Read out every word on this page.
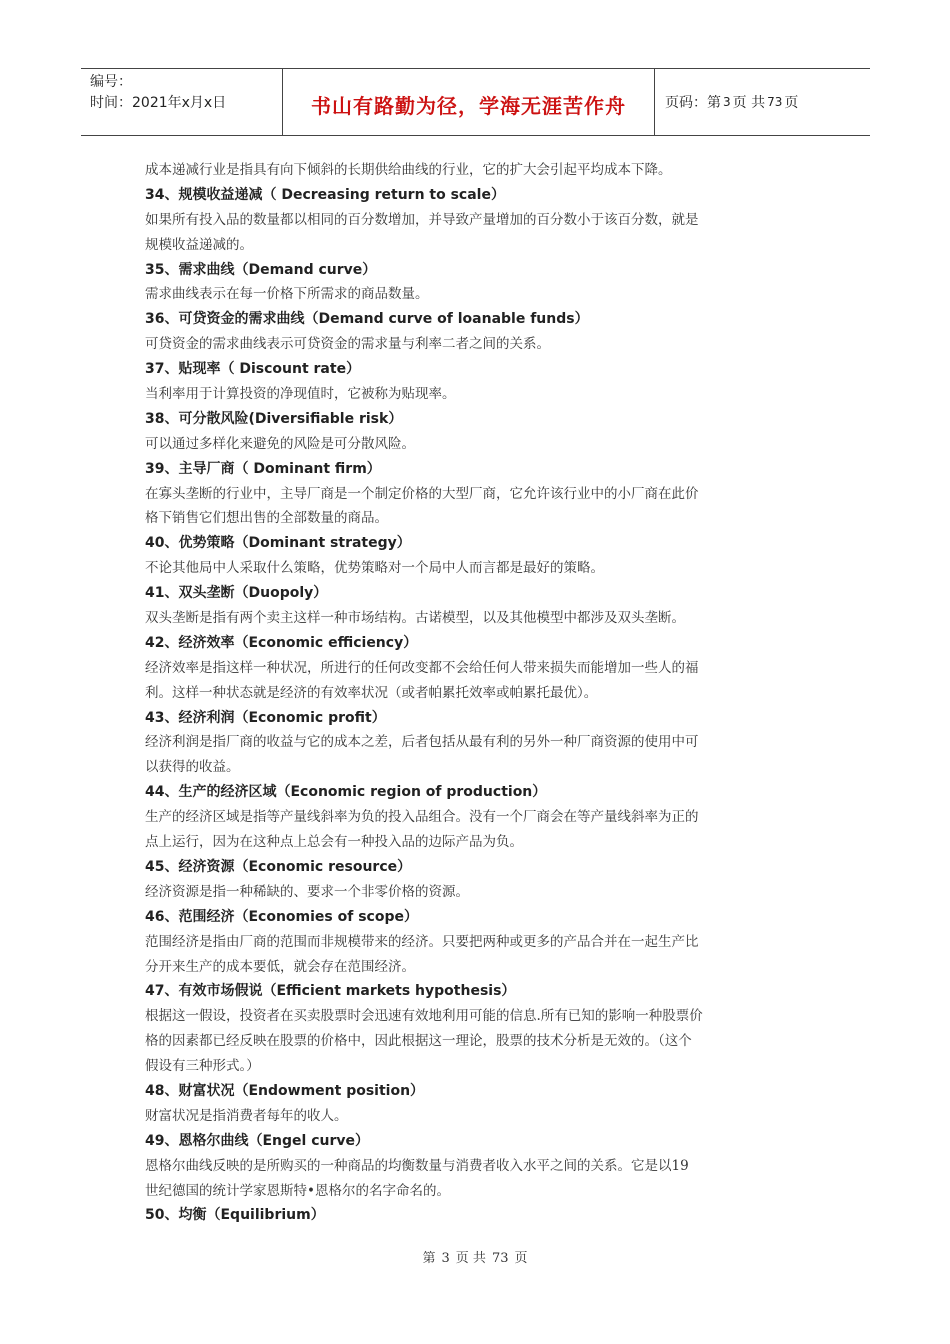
编号：
时间：2021年x月x日	书山有路勤为径，学海无涯苦作舟	页码：第 3 页 共 73 页
成本递减行业是指具有向下倾斜的长期供给曲线的行业，它的扩大会引起平均成本下降。
34、规模收益递减（ Decreasing return to scale）
如果所有投入品的数量都以相同的百分数增加，并导致产量增加的百分数小于该百分数，就是
规模收益递减的。
35、需求曲线（Demand curve）
需求曲线表示在每一价格下所需求的商品数量。
36、可贷资金的需求曲线（Demand curve of loanable funds）
可贷资金的需求曲线表示可贷资金的需求量与利率二者之间的关系。
37、贴现率（ Discount rate）
当利率用于计算投资的净现值时，它被称为贴现率。
38、可分散风险(Diversifiable risk）
可以通过多样化来避免的风险是可分散风险。
39、主导厂商（ Dominant firm）
在寡头垄断的行业中，主导厂商是一个制定价格的大型厂商，它允许该行业中的小厂商在此价
格下销售它们想出售的全部数量的商品。
40、优势策略（Dominant strategy）
不论其他局中人采取什么策略，优势策略对一个局中人而言都是最好的策略。
41、双头垄断（Duopoly）
双头垄断是指有两个卖主这样一种市场结构。古诺模型，以及其他模型中都涉及双头垄断。
42、经济效率（Economic efficiency）
经济效率是指这样一种状况，所进行的任何改变都不会给任何人带来损失而能增加一些人的福
利。这样一种状态就是经济的有效率状况（或者帕累托效率或帕累托最优）。
43、经济利润（Economic profit）
经济利润是指厂商的收益与它的成本之差，后者包括从最有利的另外一种厂商资源的使用中可
以获得的收益。
44、生产的经济区域（Economic region of production）
生产的经济区域是指等产量线斜率为负的投入品组合。没有一个厂商会在等产量线斜率为正的
点上运行，因为在这种点上总会有一种投入品的边际产品为负。
45、经济资源（Economic resource）
经济资源是指一种稀缺的、要求一个非零价格的资源。
46、范围经济（Economies of scope）
范围经济是指由厂商的范围而非规模带来的经济。只要把两种或更多的产品合并在一起生产比
分开来生产的成本要低，就会存在范围经济。
47、有效市场假说（Efficient markets hypothesis）
根据这一假设，投资者在买卖股票时会迅速有效地利用可能的信息.所有已知的影响一种股票价
格的因素都已经反映在股票的价格中，因此根据这一理论，股票的技术分析是无效的。（这个
假设有三种形式。）
48、财富状况（Endowment position）
财富状况是指消费者每年的收人。
49、恩格尔曲线（Engel curve）
恩格尔曲线反映的是所购买的一种商品的均衡数量与消费者收入水平之间的关系。它是以19
世纪德国的统计学家恩斯特•恩格尔的名字命名的。
50、均衡（Equilibrium）
第 3 页 共 73 页
